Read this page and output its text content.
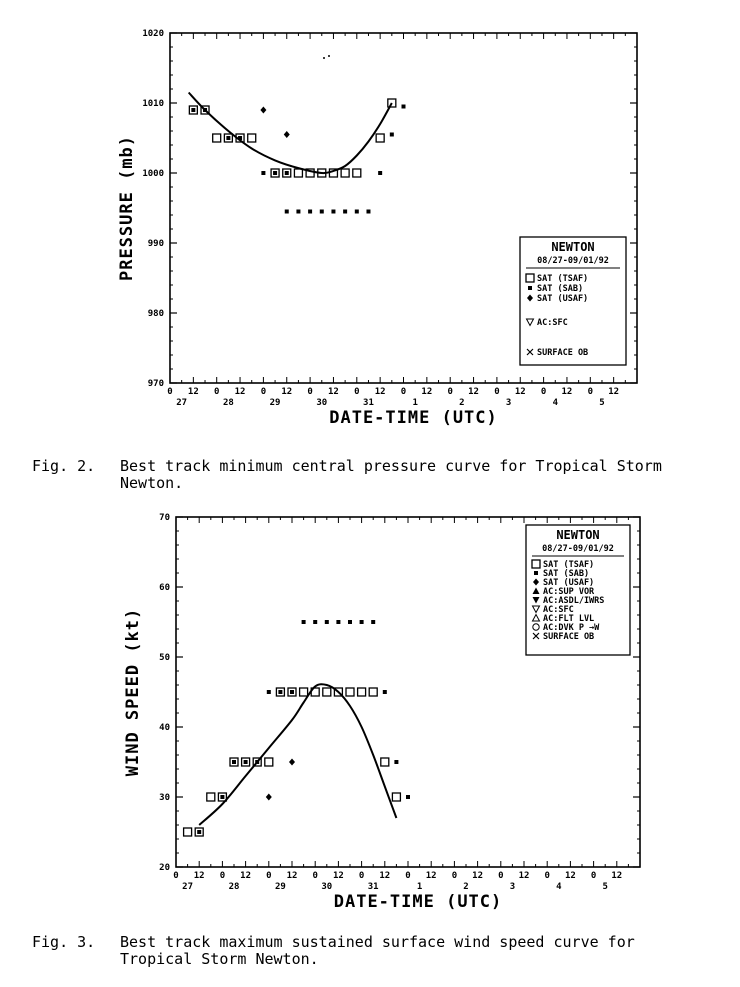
970
980
990
1000
1010
1020
0 12 0 12 0 12 0 12 0 12 0 12 0 12 0 12 0 12 0 12
27	28	29	30	31	1	2	3	4	5
DATE-TIME (UTC)
PRESSURE (mb)	NEWTON
08/27-09/01/92
SAT (TSAF)
SAT (SAB)
SAT (USAF)
AC:SFC
SURFACE OB
Fig. 2. Best track minimum central pressure curve for Tropical Storm
Newton.
20
30
40
50
60
70
0 12 0 12 0 12 0 12 0 12 0 12 0 12 0 12 0 12 0 12
27	28	29	30	31	1	2	3	4	5
DATE-TIME (UTC)
WIND SPEED (kt)
NEWTON
08/27-09/01/92
SAT (TSAF)
SAT (SAB)
SAT (USAF)
AC:SUP VOR
AC:ASDL/IWRS
AC:SFC
AC:FLT LVL
AC:DVK P →W
SURFACE OB
Fig. 3. Best track maximum sustained surface wind speed curve for
Tropical Storm Newton.
